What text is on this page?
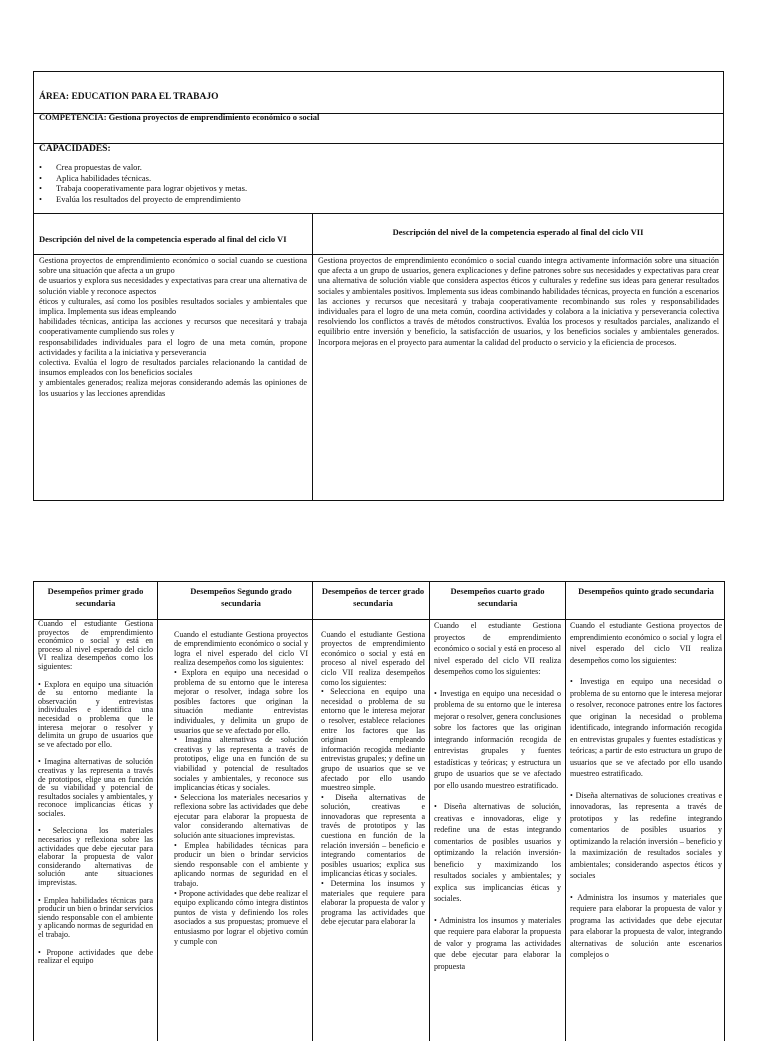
ÁREA: EDUCATION PARA EL TRABAJO
COMPETENCIA: Gestiona proyectos de emprendimiento económico o social
CAPACIDADES:
• Crea propuestas de valor.
• Aplica habilidades técnicas.
• Trabaja cooperativamente para lograr objetivos y metas.
• Evalúa los resultados del proyecto de emprendimiento
Descripción del nivel de la competencia esperado al final del ciclo VI
Descripción del nivel de la competencia esperado al final del ciclo VII

Gestiona proyectos de emprendimiento económico o social cuando se cuestiona sobre una situación que afecta a un grupo
de usuarios y explora sus necesidades y expectativas para crear una alternativa de solución viable y reconoce aspectos
éticos y culturales, así como los posibles resultados sociales y ambientales que implica. Implementa sus ideas empleando
habilidades técnicas, anticipa las acciones y recursos que necesitará y trabaja cooperativamente cumpliendo sus roles y
responsabilidades individuales para el logro de una meta común, propone actividades y facilita a la iniciativa y perseverancia
colectiva. Evalúa el logro de resultados parciales relacionando la cantidad de insumos empleados con los beneficios sociales
y ambientales generados; realiza mejoras considerando además las opiniones de los usuarios y las lecciones aprendidas

Gestiona proyectos de emprendimiento económico o social cuando integra activamente información sobre una situación que afecta a un grupo de usuarios, genera explicaciones y define patrones sobre sus necesidades y expectativas para crear una alternativa de solución viable que considera aspectos éticos y culturales y redefine sus ideas para generar resultados sociales y ambientales positivos. Implementa sus ideas combinando habilidades técnicas, proyecta en función a escenarios las acciones y recursos que necesitará y trabaja cooperativamente recombinando sus roles y responsabilidades individuales para el logro de una meta común, coordina actividades y colabora a la iniciativa y perseverancia colectiva resolviendo los conflictos a través de métodos constructivos. Evalúa los procesos y resultados parciales, analizando el equilibrio entre inversión y beneficio, la satisfacción de usuarios, y los beneficios sociales y ambientales generados. Incorpora mejoras en el proyecto para aumentar la calidad del producto o servicio y la eficiencia de procesos.

Desempeños primer grado secundaria

Cuando el estudiante Gestiona proyectos de emprendimiento económico o social y está en proceso al nivel esperado del ciclo VI realiza desempeños como los siguientes:

• Explora en equipo una situación de su entorno mediante la observación y entrevistas individuales e identifica una necesidad o problema que le interesa mejorar o resolver y delimita un grupo de usuarios que se ve afectado por ello.

• Imagina alternativas de solución creativas y las representa a través de prototipos, elige una en función de su viabilidad y potencial de resultados sociales y ambientales, y reconoce implicancias éticas y sociales.

• Selecciona los materiales necesarios y reflexiona sobre las actividades que debe ejecutar para elaborar la propuesta de valor considerando alternativas de solución ante situaciones imprevistas.

• Emplea habilidades técnicas para producir un bien o brindar servicios siendo responsable con el ambiente y aplicando normas de seguridad en el trabajo.

• Propone actividades que debe realizar el equipo

Desempeños Segundo grado secundaria

Cuando el estudiante Gestiona proyectos de emprendimiento económico o social y logra el nivel esperado del ciclo VI realiza desempeños como los siguientes:
• Explora en equipo una necesidad o problema de su entorno que le interesa mejorar o resolver, indaga sobre los posibles factores que originan la situación mediante entrevistas individuales, y delimita un grupo de usuarios que se ve afectado por ello.
• Imagina alternativas de solución creativas y las representa a través de prototipos, elige una en función de su viabilidad y potencial de resultados sociales y ambientales, y reconoce sus implicancias éticas y sociales.
• Selecciona los materiales necesarios y reflexiona sobre las actividades que debe ejecutar para elaborar la propuesta de valor considerando alternativas de solución ante situaciones imprevistas.
• Emplea habilidades técnicas para producir un bien o brindar servicios siendo responsable con el ambiente y aplicando normas de seguridad en el trabajo.
• Propone actividades que debe realizar el equipo explicando cómo integra distintos puntos de vista y definiendo los roles asociados a sus propuestas; promueve el entusiasmo por lograr el objetivo común y cumple con

Desempeños de tercer grado secundaria

Cuando el estudiante Gestiona proyectos de emprendimiento económico o social y está en proceso al nivel esperado del ciclo VII realiza desempeños como los siguientes:
• Selecciona en equipo una necesidad o problema de su entorno que le interesa mejorar o resolver, establece relaciones entre los factores que las originan empleando información recogida mediante entrevistas grupales; y define un grupo de usuarios que se ve afectado por ello usando muestreo simple.
• Diseña alternativas de solución, creativas e innovadoras que representa a través de prototipos y las cuestiona en función de la relación inversión – beneficio e integrando comentarios de posibles usuarios; explica sus implicancias éticas y sociales.
• Determina los insumos y materiales que requiere para elaborar la propuesta de valor y programa las actividades que debe ejecutar para elaborar la

Desempeños cuarto grado secundaria

Cuando el estudiante Gestiona proyectos de emprendimiento económico o social y está en proceso al nivel esperado del ciclo VII realiza desempeños como los siguientes:

• Investiga en equipo una necesidad o problema de su entorno que le interesa mejorar o resolver, genera conclusiones sobre los factores que las originan integrando información recogida de entrevistas grupales y fuentes estadísticas y teóricas; y estructura un grupo de usuarios que se ve afectado por ello usando muestreo estratificado.

• Diseña alternativas de solución, creativas e innovadoras, elige y redefine una de estas integrando comentarios de posibles usuarios y optimizando la relación inversión- beneficio y maximizando los resultados sociales y ambientales; y explica sus implicancias éticas y sociales.

• Administra los insumos y materiales que requiere para elaborar la propuesta de valor y programa las actividades que debe ejecutar para elaborar la propuesta

Desempeños quinto grado secundaria

Cuando el estudiante Gestiona proyectos de emprendimiento económico o social y logra el nivel esperado del ciclo VII realiza desempeños como los siguientes:

• Investiga en equipo una necesidad o problema de su entorno que le interesa mejorar o resolver, reconoce patrones entre los factores que originan la necesidad o problema identificado, integrando información recogida en entrevistas grupales y fuentes estadísticas y teóricas; a partir de esto estructura un grupo de usuarios que se ve afectado por ello usando muestreo estratificado.

• Diseña alternativas de soluciones creativas e innovadoras, las representa a través de prototipos y las redefine integrando comentarios de posibles usuarios y optimizando la relación inversión – beneficio y la maximización de resultados sociales y ambientales; considerando aspectos éticos y sociales

• Administra los insumos y materiales que requiere para elaborar la propuesta de valor y programa las actividades que debe ejecutar para elaborar la propuesta de valor, integrando alternativas de solución ante escenarios complejos o
